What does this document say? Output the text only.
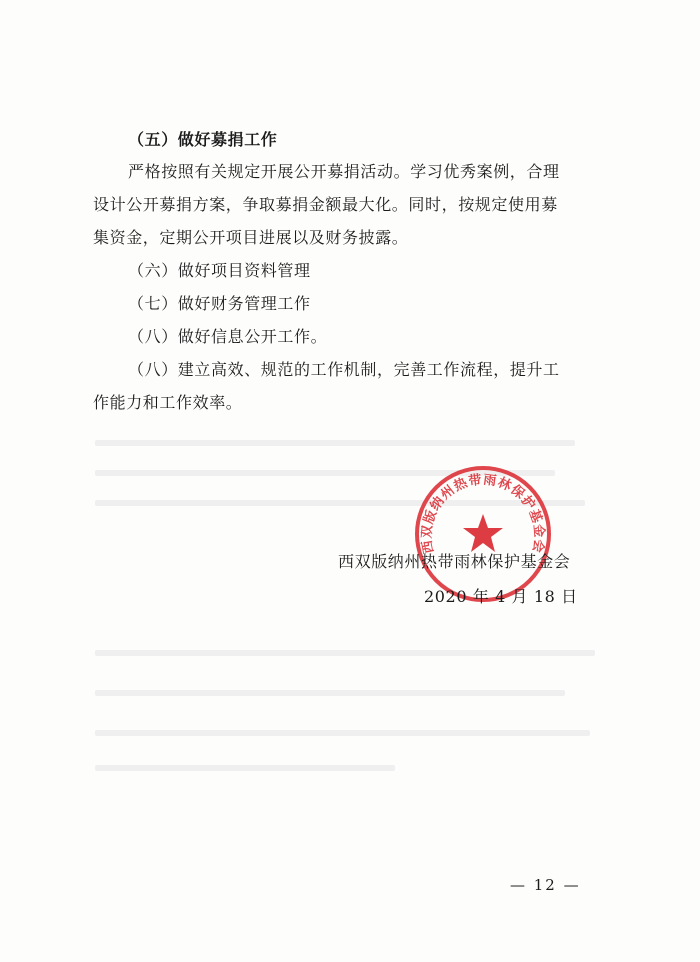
（五）做好募捐工作
严格按照有关规定开展公开募捐活动。学习优秀案例，合理
设计公开募捐方案，争取募捐金额最大化。同时，按规定使用募
集资金，定期公开项目进展以及财务披露。
（六）做好项目资料管理
（七）做好财务管理工作
（八）做好信息公开工作。
（八）建立高效、规范的工作机制，完善工作流程，提升工
作能力和工作效率。
西双版纳州热带雨林保护基金会
西双版纳州热带雨林保护基金会
2020 年 4 月 18 日
— 12 —
